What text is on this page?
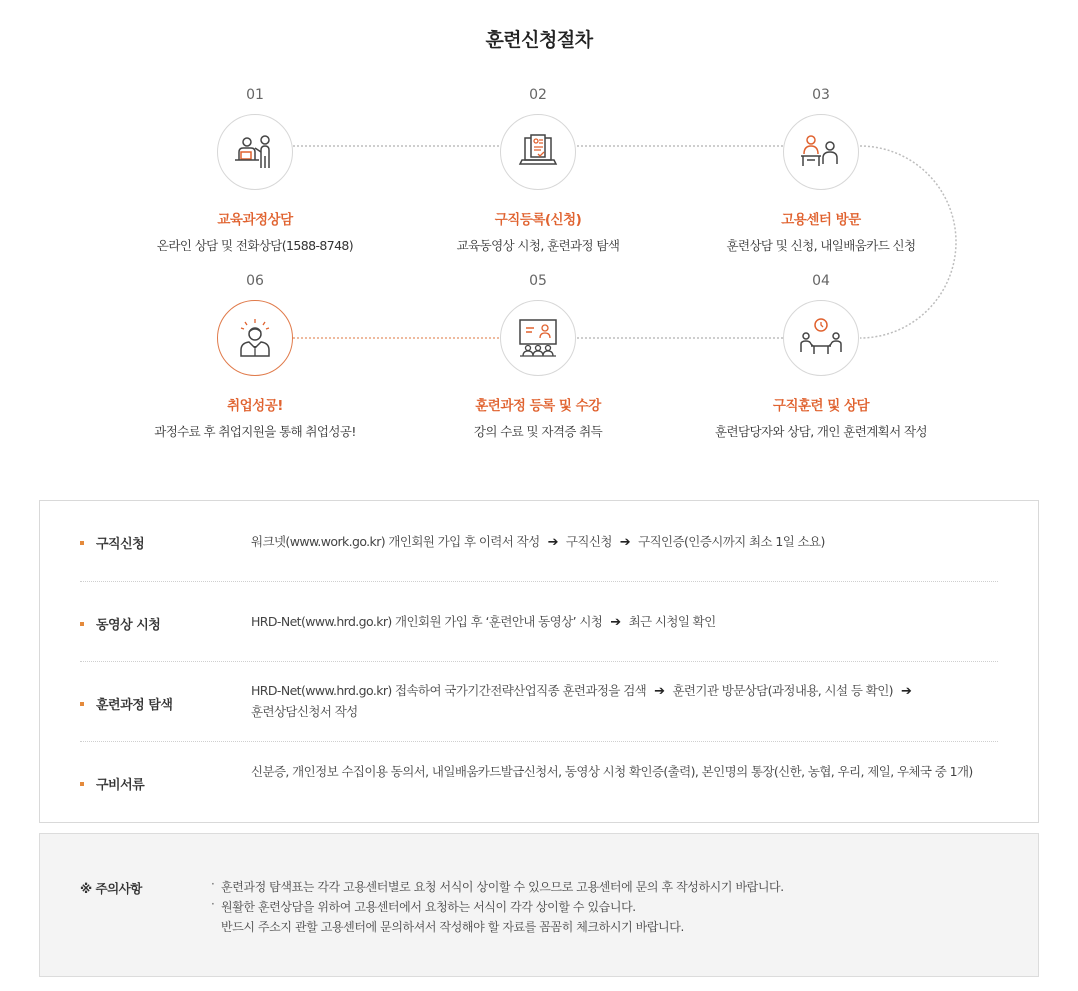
훈련신청절차
01
교육과정상담
온라인 상담 및 전화상담(1588-8748)
02
구직등록(신청)
교육동영상 시청, 훈련과정 탐색
03
고용센터 방문
훈련상담 및 신청, 내일배움카드 신청
04
구직훈련 및 상담
훈련담당자와 상담, 개인 훈련계획서 작성
05
훈련과정 등록 및 수강
강의 수료 및 자격증 취득
06
취업성공!
과정수료 후 취업지원을 통해 취업성공!
구직신청	워크넷(www.work.go.kr) 개인회원 가입 후 이력서 작성 ➔ 구직신청 ➔ 구직인증(인증시까지 최소 1일 소요)
동영상 시청	HRD-Net(www.hrd.go.kr) 개인회원 가입 후 ‘훈련안내 동영상’ 시청 ➔ 최근 시청일 확인
훈련과정 탐색
HRD-Net(www.hrd.go.kr) 접속하여 국가기간전략산업직종 훈련과정을 검색 ➔ 훈련기관 방문상담(과정내용, 시설 등 확인) ➔
훈련상담신청서 작성
구비서류
신분증, 개인정보 수집이용 동의서, 내일배움카드발급신청서, 동영상 시청 확인증(출력), 본인명의 통장(신한, 농협, 우리, 제일, 우체국 중 1개)
※ 주의사항
·	훈련과정 탐색표는 각각 고용센터별로 요청 서식이 상이할 수 있으므로 고용센터에 문의 후 작성하시기 바랍니다.
· 원활한 훈련상담을 위하여 고용센터에서 요청하는 서식이 각각 상이할 수 있습니다.
반드시 주소지 관할 고용센터에 문의하셔서 작성해야 할 자료를 꼼꼼히 체크하시기 바랍니다.
